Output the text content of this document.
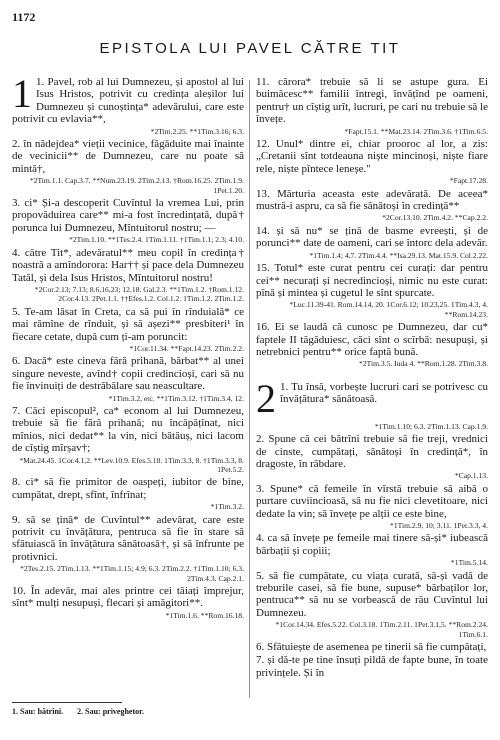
1172
EPISTOLA LUI PAVEL CĂTRE TIT
1 1. Pavel, rob al lui Dumnezeu, și apostol al lui Isus Hristos, potrivit cu credința aleșilor lui Dumnezeu și cunoștința* adevărului, care este potrivit cu evlavia**,
*2Tim.2.25. **1Tim.3.16; 6.3.
2. în nădejdea* vieții vecinice, făgăduite mai înainte de vecinicii** de Dumnezeu, care nu poate să mintă†,
*2Tim.1.1. Cap.3.7. **Num.23.19. 2Tim.2.13. †Rom.16.25. 2Tim.1.9. 1Pet.1.20.
3. ci* Și-a descoperit Cuvîntul la vremea Lui, prin propovăduirea care** mi-a fost încredințată, după† porunca lui Dumnezeu, Mîntuitorul nostru; —
*2Tim.1.10. **1Tes.2.4. 1Tim.1.11. †1Tim.1.1; 2.3; 4.10.
4. către Tit*, adevăratul** meu copil în credința† noastră a amîndorora: Har†† și pace dela Dumnezeu Tatăl, și dela Isus Hristos, Mîntuitorul nostru!
*2Cor.2.13; 7.13; 8.6,16,23; 12.18. Gal.2.3. **1Tim.1.2. †Rom.1.12. 2Cor.4.13. 2Pet.1.1. ††Efes.1.2. Col.1.2. 1Tim.1.2. 2Tim.1.2.
5. Te-am lăsat în Creta, ca să pui în rînduială* ce mai rămîne de rînduit, și să așezi** presbiteri¹ în fiecare cetate, după cum ți-am poruncit:
*1Cor.11.34. **Fapt.14.23. 2Tim.2.2.
6. Dacă* este cineva fără prihană, bărbat** al unei singure neveste, avînd† copii credincioși, cari să nu fie învinuiți de destrăbălare sau neascultare.
*1Tim.3.2, etc. **1Tim.3.12. †1Tim.3.4, 12.
7. Căci episcopul², ca* econom al lui Dumnezeu, trebuie să fie fără prihană; nu încăpățînat, nici mînios, nici dedat** la vin, nici bătăuș, nici lacom de cîștig mîrșav†;
*Mat.24.45. 1Cor.4.1,2. **Lev.10.9. Efes.5.18. 1Tim.3.3, 8. †1Tim.3.3, 8. 1Pet.5.2.
8. ci* să fie primitor de oaspeți, iubitor de bine, cumpătat, drept, sfînt, înfrînat;
*1Tim.3.2.
9. să se țină* de Cuvîntul** adevărat, care este potrivit cu învățătura, pentruca să fie în stare să sfătuiască în învățătura sănătoasă†, și să înfrunte pe protivnici.
*2Tes.2.15. 2Tim.1.13. **1Tim.1.15; 4.9; 6.3. 2Tim.2.2. †1Tim.1.10; 6.3. 2Tim.4.3. Cap.2.1.
10. În adevăr, mai ales printre cei tăiați împrejur, sînt* mulți nesupuși, flecari și amăgitori**.
*1Tim.1.6. **Rom.16.18.
11. cărora* trebuie să li se astupe gura. Ei buimăcesc** familii întregi, învățînd pe oameni, pentru† un cîștig urît, lucruri, pe cari nu trebuie să le învețe.
*Fapt.15.1. **Mat.23.14. 2Tim.3.6. †1Tim.6.5.
12. Unul* dintre ei, chiar prooroc al lor, a zis: „Cretanii sînt totdeauna niște mincinoși, niște fiare rele, niște pîntece leneșe."
*Fapt.17.28.
13. Mărturia aceasta este adevărată. De aceea* mustră-i aspru, ca să fie sănătoși în credință**
*2Cor.13.10. 2Tim.4.2. **Cap.2.2.
14. și să nu* se țină de basme evreești, și de porunci** date de oameni, cari se întorc dela adevăr.
*1Tim.1.4; 4.7. 2Tim.4.4. **Isa.29.13. Mat.15.9. Col.2.22.
15. Totul* este curat pentru cei curați: dar pentru cei** necurați și necredincioși, nimic nu este curat: pînă și mintea și cugetul le sînt spurcate.
*Luc.11.39-41. Rom.14.14, 20. 1Cor.6.12; 10.23,25. 1Tim.4.3, 4. **Rom.14.23.
16. Ei se laudă că cunosc pe Dumnezeu, dar cu* faptele II tăgăduiesc, căci sînt o scîrbă: nesupuși, și netrebnici pentru** orice faptă bună.
*2Tim.3.5. Iuda 4. **Rom.1.28. 2Tim.3.8.
2 1. Tu însă, vorbește lucruri cari se potrivesc cu învățătura* sănătoasă.
*1Tim.1.10; 6.3. 2Tim.1.13. Cap.1.9.
2. Spune că cei bătrîni trebuie să fie treji, vrednici de cinste, cumpătați, sănătoși în credință*, în dragoste, în răbdare.
*Cap.1.13.
3. Spune* că femeile în vîrstă trebuie să aibă o purtare cuviincioasă, să nu fie nici clevetitoare, nici dedate la vin; să învețe pe alții ce este bine,
*1Tim.2.9, 10; 3.11. 1Pet.3.3, 4.
4. ca să învețe pe femeile mai tinere să-și* iubească bărbații și copiii;
*1Tim.5.14.
5. să fie cumpătate, cu viața curată, să-și vadă de treburile casei, să fie bune, supuse* bărbaților lor, pentruca** să nu se vorbească de rău Cuvîntul lui Dumnezeu.
*1Cor.14.34. Efes.5.22. Col.3.18. 1Tim.2.11. 1Pet.3.1,5. **Rom.2.24. 1Tim.6.1.
6. Sfătuiește de asemenea pe tinerii să fie cumpătați,
7. și dă-te pe tine însuți pildă de fapte bune, în toate privințele. Și în
1. Sau: bătrîni. 2. Sau: priveghetor.
